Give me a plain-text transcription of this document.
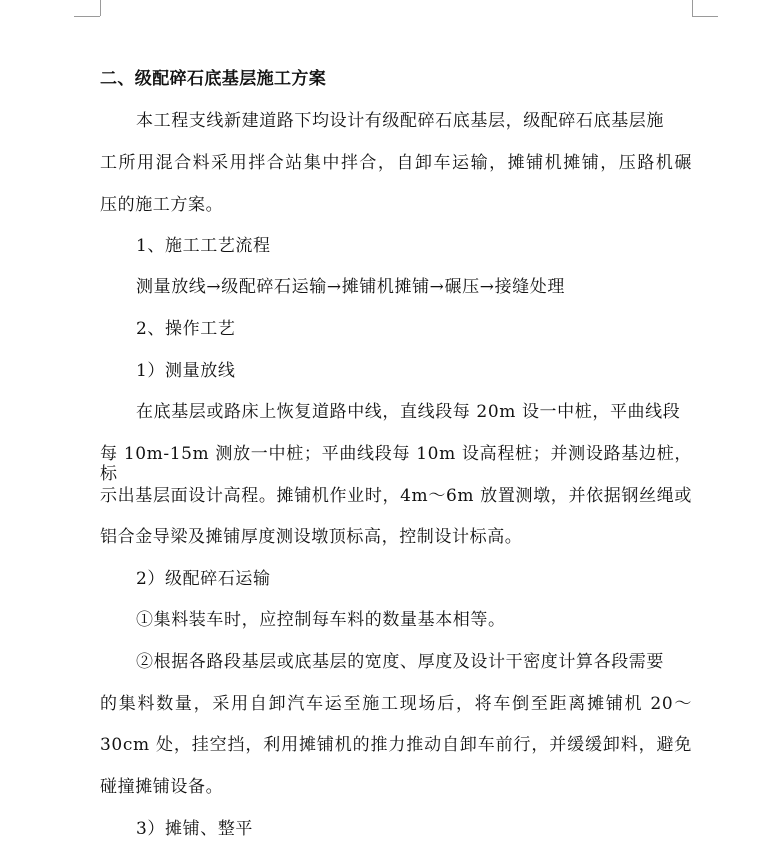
二、级配碎石底基层施工方案
本工程支线新建道路下均设计有级配碎石底基层，级配碎石底基层施
工所用混合料采用拌合站集中拌合，自卸车运输，摊铺机摊铺，压路机碾
压的施工方案。
1、施工工艺流程
测量放线→级配碎石运输→摊铺机摊铺→碾压→接缝处理
2、操作工艺
1）测量放线
在底基层或路床上恢复道路中线，直线段每 20m 设一中桩，平曲线段
每 10m-15m 测放一中桩；平曲线段每 10m 设高程桩；并测设路基边桩，标
示出基层面设计高程。摊铺机作业时，4m～6m 放置测墩，并依据钢丝绳或
铝合金导梁及摊铺厚度测设墩顶标高，控制设计标高。
2）级配碎石运输
①集料装车时，应控制每车料的数量基本相等。
②根据各路段基层或底基层的宽度、厚度及设计干密度计算各段需要
的集料数量，采用自卸汽车运至施工现场后，将车倒至距离摊铺机 20～
30cm 处，挂空挡，利用摊铺机的推力推动自卸车前行，并缓缓卸料，避免
碰撞摊铺设备。
3）摊铺、整平
